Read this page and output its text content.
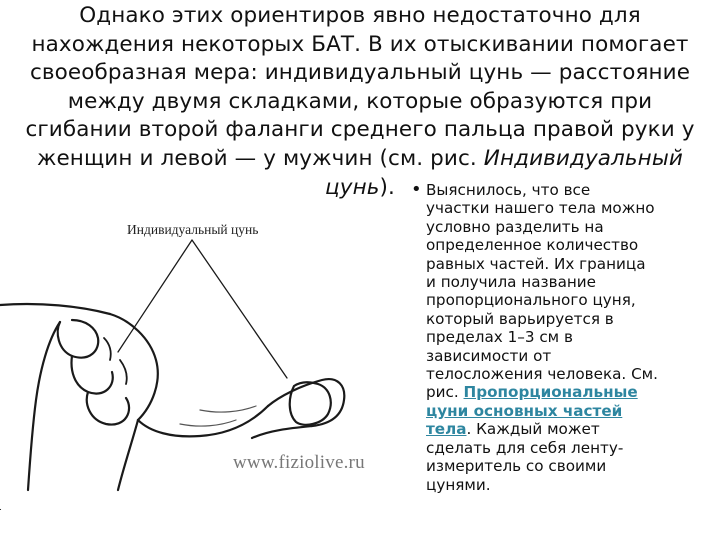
Однако этих ориентиров явно недостаточно для

нахождения некоторых БАТ. В их отыскивании помогает

своеобразная мера: индивидуальный цунь — расстояние

между двумя складками, которые образуются при

сгибании второй фаланги среднего пальца правой руки у

женщин и левой — у мужчин (см. рис. Индивидуальный

цунь). • Выяснилось, что все

участки нашего тела можно

условно разделить на

определенное количество

равных частей. Их граница

и получила название

пропорционального цуня,

который варьируется в

пределах 1–3 см в

зависимости от

телосложения человека. См.

рис. Пропорциональные

цуни основных частей

тела. Каждый может

сделать для себя ленту-

измеритель со своими

цунями.

Индивидуальный цунь
www.fiziolive.ru
